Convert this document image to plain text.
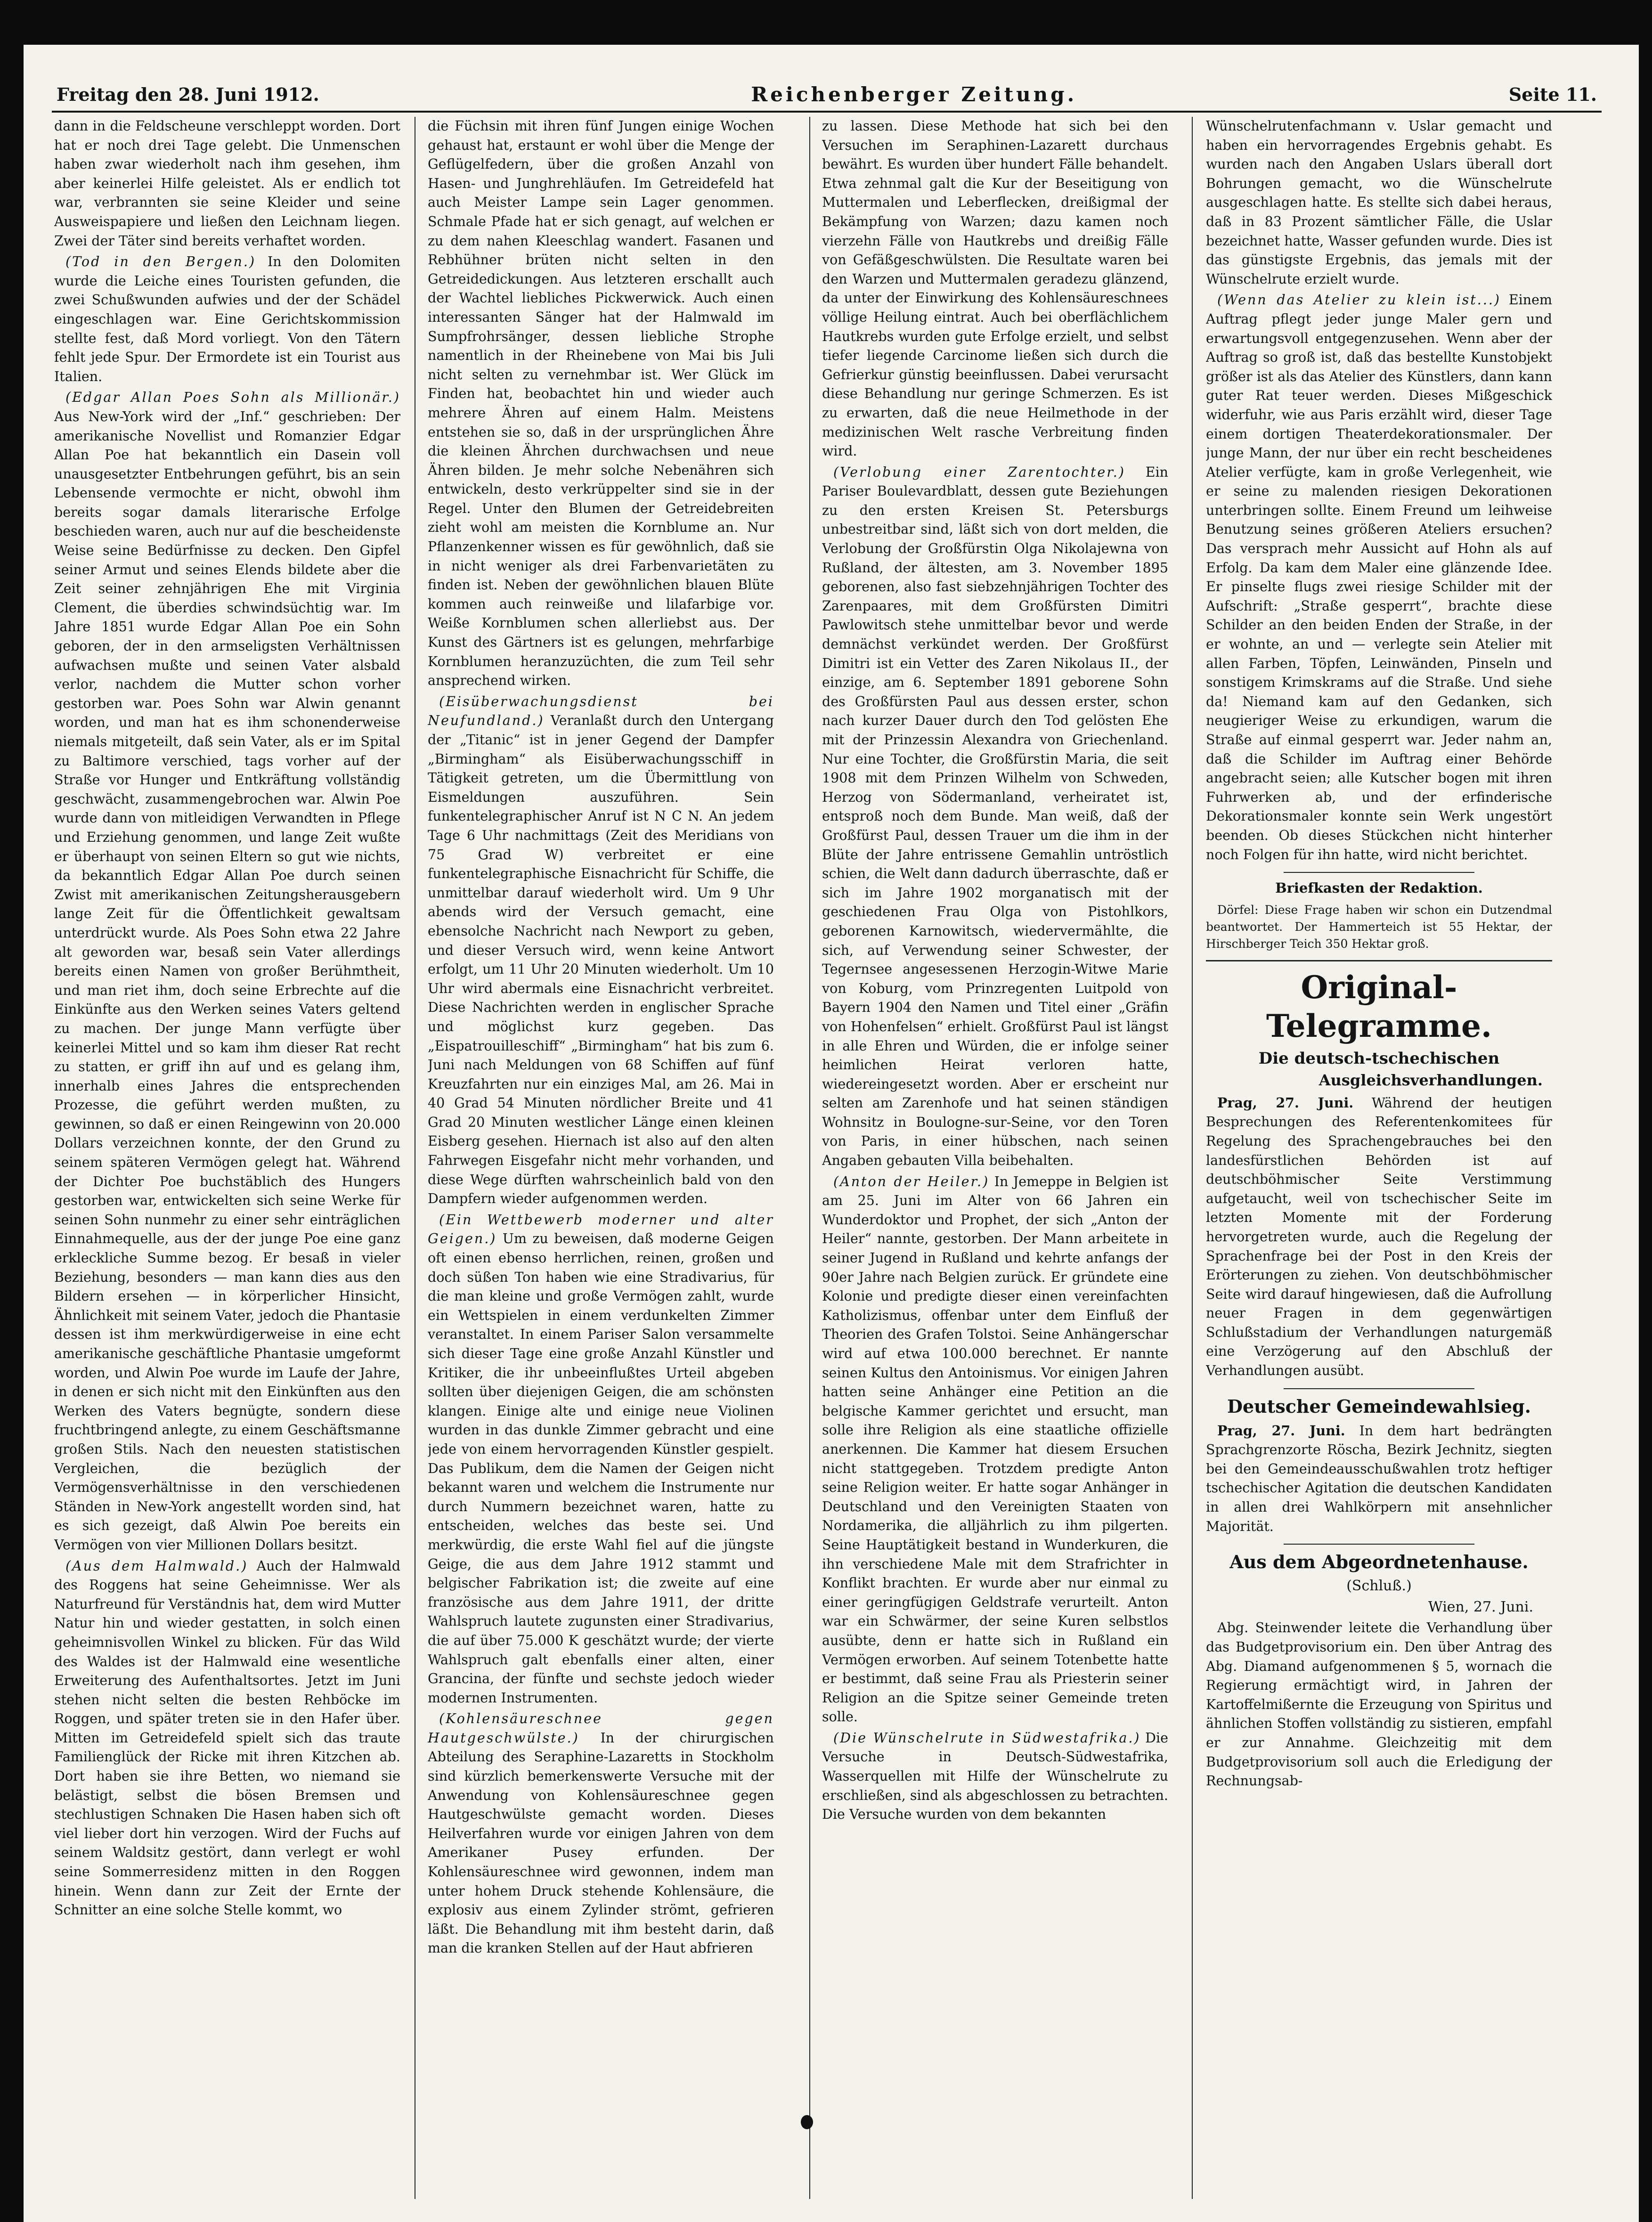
Freitag den 28. Juni 1912.	Reichenberger Zeitung.	Seite 11.

dann in die Feldscheune verschleppt worden. Dort hat er noch drei Tage gelebt. Die Unmenschen haben zwar wiederholt nach ihm gesehen, ihm aber keinerlei Hilfe geleistet. Als er endlich tot war, verbrannten sie seine Kleider und seine Ausweispapiere und ließen den Leichnam liegen. Zwei der Täter sind bereits verhaftet worden.

(Tod in den Bergen.) In den Dolomiten wurde die Leiche eines Touristen gefunden, die zwei Schußwunden aufwies und der der Schädel eingeschlagen war. Eine Gerichtskommission stellte fest, daß Mord vorliegt. Von den Tätern fehlt jede Spur. Der Ermordete ist ein Tourist aus Italien.

(Edgar Allan Poes Sohn als Millionär.) Aus New-York wird der „Inf.“ geschrieben: Der amerikanische Novellist und Romanzier Edgar Allan Poe hat bekanntlich ein Dasein voll unausgesetzter Entbehrungen geführt, bis an sein Lebensende vermochte er nicht, obwohl ihm bereits sogar damals literarische Erfolge beschieden waren, auch nur auf die bescheidenste Weise seine Bedürfnisse zu decken. Den Gipfel seiner Armut und seines Elends bildete aber die Zeit seiner zehnjährigen Ehe mit Virginia Clement, die überdies schwindsüchtig war. Im Jahre 1851 wurde Edgar Allan Poe ein Sohn geboren, der in den armseligsten Verhältnissen aufwachsen mußte und seinen Vater alsbald verlor, nachdem die Mutter schon vorher gestorben war. Poes Sohn war Alwin genannt worden, und man hat es ihm schonenderweise niemals mitgeteilt, daß sein Vater, als er im Spital zu Baltimore verschied, tags vorher auf der Straße vor Hunger und Entkräftung vollständig geschwächt, zusammengebrochen war. Alwin Poe wurde dann von mitleidigen Verwandten in Pflege und Erziehung genommen, und lange Zeit wußte er überhaupt von seinen Eltern so gut wie nichts, da bekanntlich Edgar Allan Poe durch seinen Zwist mit amerikanischen Zeitungsherausgebern lange Zeit für die Öffentlichkeit gewaltsam unterdrückt wurde. Als Poes Sohn etwa 22 Jahre alt geworden war, besaß sein Vater allerdings bereits einen Namen von großer Berühmtheit, und man riet ihm, doch seine Erbrechte auf die Einkünfte aus den Werken seines Vaters geltend zu machen. Der junge Mann verfügte über keinerlei Mittel und so kam ihm dieser Rat recht zu statten, er griff ihn auf und es gelang ihm, innerhalb eines Jahres die entsprechenden Prozesse, die geführt werden mußten, zu gewinnen, so daß er einen Reingewinn von 20.000 Dollars verzeichnen konnte, der den Grund zu seinem späteren Vermögen gelegt hat. Während der Dichter Poe buchstäblich des Hungers gestorben war, entwickelten sich seine Werke für seinen Sohn nunmehr zu einer sehr einträglichen Einnahmequelle, aus der der junge Poe eine ganz erkleckliche Summe bezog. Er besaß in vieler Beziehung, besonders — man kann dies aus den Bildern ersehen — in körperlicher Hinsicht, Ähnlichkeit mit seinem Vater, jedoch die Phantasie dessen ist ihm merkwürdigerweise in eine echt amerikanische geschäftliche Phantasie umgeformt worden, und Alwin Poe wurde im Laufe der Jahre, in denen er sich nicht mit den Einkünften aus den Werken des Vaters begnügte, sondern diese fruchtbringend anlegte, zu einem Geschäftsmanne großen Stils. Nach den neuesten statistischen Vergleichen, die bezüglich der Vermögensverhältnisse in den verschiedenen Ständen in New-York angestellt worden sind, hat es sich gezeigt, daß Alwin Poe bereits ein Vermögen von vier Millionen Dollars besitzt.

(Aus dem Halmwald.) Auch der Halmwald des Roggens hat seine Geheimnisse. Wer als Naturfreund für Verständnis hat, dem wird Mutter Natur hin und wieder gestatten, in solch einen geheimnisvollen Winkel zu blicken. Für das Wild des Waldes ist der Halmwald eine wesentliche Erweiterung des Aufenthaltsortes. Jetzt im Juni stehen nicht selten die besten Rehböcke im Roggen, und später treten sie in den Hafer über. Mitten im Getreidefeld spielt sich das traute Familienglück der Ricke mit ihren Kitzchen ab. Dort haben sie ihre Betten, wo niemand sie belästigt, selbst die bösen Bremsen und stechlustigen Schnaken Die Hasen haben sich oft viel lieber dort hin verzogen. Wird der Fuchs auf seinem Waldsitz gestört, dann verlegt er wohl seine Sommerresidenz mitten in den Roggen hinein. Wenn dann zur Zeit der Ernte der Schnitter an eine solche Stelle kommt, wo

die Füchsin mit ihren fünf Jungen einige Wochen gehaust hat, erstaunt er wohl über die Menge der Geflügelfedern, über die großen Anzahl von Hasen- und Junghrehläufen. Im Getreidefeld hat auch Meister Lampe sein Lager genommen. Schmale Pfade hat er sich genagt, auf welchen er zu dem nahen Kleeschlag wandert. Fasanen und Rebhühner brüten nicht selten in den Getreidedickungen. Aus letzteren erschallt auch der Wachtel liebliches Pickwerwick. Auch einen interessanten Sänger hat der Halmwald im Sumpfrohrsänger, dessen liebliche Strophe namentlich in der Rheinebene von Mai bis Juli nicht selten zu vernehmbar ist. Wer Glück im Finden hat, beobachtet hin und wieder auch mehrere Ähren auf einem Halm. Meistens entstehen sie so, daß in der ursprünglichen Ähre die kleinen Ährchen durchwachsen und neue Ähren bilden. Je mehr solche Nebenähren sich entwickeln, desto verkrüppelter sind sie in der Regel. Unter den Blumen der Getreidebreiten zieht wohl am meisten die Kornblume an. Nur Pflanzenkenner wissen es für gewöhnlich, daß sie in nicht weniger als drei Farbenvarietäten zu finden ist. Neben der gewöhnlichen blauen Blüte kommen auch reinweiße und lilafarbige vor. Weiße Kornblumen schen allerliebst aus. Der Kunst des Gärtners ist es gelungen, mehrfarbige Kornblumen heranzuzüchten, die zum Teil sehr ansprechend wirken.

(Eisüberwachungsdienst bei Neufundland.) Veranlaßt durch den Untergang der „Titanic“ ist in jener Gegend der Dampfer „Birmingham“ als Eisüberwachungsschiff in Tätigkeit getreten, um die Übermittlung von Eismeldungen auszuführen. Sein funkentelegraphischer Anruf ist N C N. An jedem Tage 6 Uhr nachmittags (Zeit des Meridians von 75 Grad W) verbreitet er eine funkentelegraphische Eisnachricht für Schiffe, die unmittelbar darauf wiederholt wird. Um 9 Uhr abends wird der Versuch gemacht, eine ebensolche Nachricht nach Newport zu geben, und dieser Versuch wird, wenn keine Antwort erfolgt, um 11 Uhr 20 Minuten wiederholt. Um 10 Uhr wird abermals eine Eisnachricht verbreitet. Diese Nachrichten werden in englischer Sprache und möglichst kurz gegeben. Das „Eispatrouilleschiff“ „Birmingham“ hat bis zum 6. Juni nach Meldungen von 68 Schiffen auf fünf Kreuzfahrten nur ein einziges Mal, am 26. Mai in 40 Grad 54 Minuten nördlicher Breite und 41 Grad 20 Minuten westlicher Länge einen kleinen Eisberg gesehen. Hiernach ist also auf den alten Fahrwegen Eisgefahr nicht mehr vorhanden, und diese Wege dürften wahrscheinlich bald von den Dampfern wieder aufgenommen werden.

(Ein Wettbewerb moderner und alter Geigen.) Um zu beweisen, daß moderne Geigen oft einen ebenso herrlichen, reinen, großen und doch süßen Ton haben wie eine Stradivarius, für die man kleine und große Vermögen zahlt, wurde ein Wettspielen in einem verdunkelten Zimmer veranstaltet. In einem Pariser Salon versammelte sich dieser Tage eine große Anzahl Künstler und Kritiker, die ihr unbeeinflußtes Urteil abgeben sollten über diejenigen Geigen, die am schönsten klangen. Einige alte und einige neue Violinen wurden in das dunkle Zimmer gebracht und eine jede von einem hervorragenden Künstler gespielt. Das Publikum, dem die Namen der Geigen nicht bekannt waren und welchem die Instrumente nur durch Nummern bezeichnet waren, hatte zu entscheiden, welches das beste sei. Und merkwürdig, die erste Wahl fiel auf die jüngste Geige, die aus dem Jahre 1912 stammt und belgischer Fabrikation ist; die zweite auf eine französische aus dem Jahre 1911, der dritte Wahlspruch lautete zugunsten einer Stradivarius, die auf über 75.000 K geschätzt wurde; der vierte Wahlspruch galt ebenfalls einer alten, einer Grancina, der fünfte und sechste jedoch wieder modernen Instrumenten.

(Kohlensäureschnee gegen Hautgeschwülste.) In der chirurgischen Abteilung des Seraphine-Lazaretts in Stockholm sind kürzlich bemerkenswerte Versuche mit der Anwendung von Kohlensäureschnee gegen Hautgeschwülste gemacht worden. Dieses Heilverfahren wurde vor einigen Jahren von dem Amerikaner Pusey erfunden. Der Kohlensäureschnee wird gewonnen, indem man unter hohem Druck stehende Kohlensäure, die explosiv aus einem Zylinder strömt, gefrieren läßt. Die Behandlung mit ihm besteht darin, daß man die kranken Stellen auf der Haut abfrieren

zu lassen. Diese Methode hat sich bei den Versuchen im Seraphinen-Lazarett durchaus bewährt. Es wurden über hundert Fälle behandelt. Etwa zehnmal galt die Kur der Beseitigung von Muttermalen und Leberflecken, dreißigmal der Bekämpfung von Warzen; dazu kamen noch vierzehn Fälle von Hautkrebs und dreißig Fälle von Gefäßgeschwülsten. Die Resultate waren bei den Warzen und Muttermalen geradezu glänzend, da unter der Einwirkung des Kohlensäureschnees völlige Heilung eintrat. Auch bei oberflächlichem Hautkrebs wurden gute Erfolge erzielt, und selbst tiefer liegende Carcinome ließen sich durch die Gefrierkur günstig beeinflussen. Dabei verursacht diese Behandlung nur geringe Schmerzen. Es ist zu erwarten, daß die neue Heilmethode in der medizinischen Welt rasche Verbreitung finden wird.

(Verlobung einer Zarentochter.) Ein Pariser Boulevardblatt, dessen gute Beziehungen zu den ersten Kreisen St. Petersburgs unbestreitbar sind, läßt sich von dort melden, die Verlobung der Großfürstin Olga Nikolajewna von Rußland, der ältesten, am 3. November 1895 geborenen, also fast siebzehnjährigen Tochter des Zarenpaares, mit dem Großfürsten Dimitri Pawlowitsch stehe unmittelbar bevor und werde demnächst verkündet werden. Der Großfürst Dimitri ist ein Vetter des Zaren Nikolaus II., der einzige, am 6. September 1891 geborene Sohn des Großfürsten Paul aus dessen erster, schon nach kurzer Dauer durch den Tod gelösten Ehe mit der Prinzessin Alexandra von Griechenland. Nur eine Tochter, die Großfürstin Maria, die seit 1908 mit dem Prinzen Wilhelm von Schweden, Herzog von Södermanland, verheiratet ist, entsproß noch dem Bunde. Man weiß, daß der Großfürst Paul, dessen Trauer um die ihm in der Blüte der Jahre entrissene Gemahlin untröstlich schien, die Welt dann dadurch überraschte, daß er sich im Jahre 1902 morganatisch mit der geschiedenen Frau Olga von Pistohlkors, geborenen Karnowitsch, wiedervermählte, die sich, auf Verwendung seiner Schwester, der Tegernsee angesessenen Herzogin-Witwe Marie von Koburg, vom Prinzregenten Luitpold von Bayern 1904 den Namen und Titel einer „Gräfin von Hohenfelsen“ erhielt. Großfürst Paul ist längst in alle Ehren und Würden, die er infolge seiner heimlichen Heirat verloren hatte, wiedereingesetzt worden. Aber er erscheint nur selten am Zarenhofe und hat seinen ständigen Wohnsitz in Boulogne-sur-Seine, vor den Toren von Paris, in einer hübschen, nach seinen Angaben gebauten Villa beibehalten.

(Anton der Heiler.) In Jemeppe in Belgien ist am 25. Juni im Alter von 66 Jahren ein Wunderdoktor und Prophet, der sich „Anton der Heiler“ nannte, gestorben. Der Mann arbeitete in seiner Jugend in Rußland und kehrte anfangs der 90er Jahre nach Belgien zurück. Er gründete eine Kolonie und predigte dieser einen vereinfachten Katholizismus, offenbar unter dem Einfluß der Theorien des Grafen Tolstoi. Seine Anhängerschar wird auf etwa 100.000 berechnet. Er nannte seinen Kultus den Antoinismus. Vor einigen Jahren hatten seine Anhänger eine Petition an die belgische Kammer gerichtet und ersucht, man solle ihre Religion als eine staatliche offizielle anerkennen. Die Kammer hat diesem Ersuchen nicht stattgegeben. Trotzdem predigte Anton seine Religion weiter. Er hatte sogar Anhänger in Deutschland und den Vereinigten Staaten von Nordamerika, die alljährlich zu ihm pilgerten. Seine Hauptätigkeit bestand in Wunderkuren, die ihn verschiedene Male mit dem Strafrichter in Konflikt brachten. Er wurde aber nur einmal zu einer geringfügigen Geldstrafe verurteilt. Anton war ein Schwärmer, der seine Kuren selbstlos ausübte, denn er hatte sich in Rußland ein Vermögen erworben. Auf seinem Totenbette hatte er bestimmt, daß seine Frau als Priesterin seiner Religion an die Spitze seiner Gemeinde treten solle.

(Die Wünschelrute in Südwestafrika.) Die Versuche in Deutsch-Südwestafrika, Wasserquellen mit Hilfe der Wünschelrute zu erschließen, sind als abgeschlossen zu betrachten. Die Versuche wurden von dem bekannten

Wünschelrutenfachmann v. Uslar gemacht und haben ein hervorragendes Ergebnis gehabt. Es wurden nach den Angaben Uslars überall dort Bohrungen gemacht, wo die Wünschelrute ausgeschlagen hatte. Es stellte sich dabei heraus, daß in 83 Prozent sämtlicher Fälle, die Uslar bezeichnet hatte, Wasser gefunden wurde. Dies ist das günstigste Ergebnis, das jemals mit der Wünschelrute erzielt wurde.

(Wenn das Atelier zu klein ist...) Einem Auftrag pflegt jeder junge Maler gern und erwartungsvoll entgegenzusehen. Wenn aber der Auftrag so groß ist, daß das bestellte Kunstobjekt größer ist als das Atelier des Künstlers, dann kann guter Rat teuer werden. Dieses Mißgeschick widerfuhr, wie aus Paris erzählt wird, dieser Tage einem dortigen Theaterdekorationsmaler. Der junge Mann, der nur über ein recht bescheidenes Atelier verfügte, kam in große Verlegenheit, wie er seine zu malenden riesigen Dekorationen unterbringen sollte. Einem Freund um leihweise Benutzung seines größeren Ateliers ersuchen? Das versprach mehr Aussicht auf Hohn als auf Erfolg. Da kam dem Maler eine glänzende Idee. Er pinselte flugs zwei riesige Schilder mit der Aufschrift: „Straße gesperrt“, brachte diese Schilder an den beiden Enden der Straße, in der er wohnte, an und — verlegte sein Atelier mit allen Farben, Töpfen, Leinwänden, Pinseln und sonstigem Krimskrams auf die Straße. Und siehe da! Niemand kam auf den Gedanken, sich neugieriger Weise zu erkundigen, warum die Straße auf einmal gesperrt war. Jeder nahm an, daß die Schilder im Auftrag einer Behörde angebracht seien; alle Kutscher bogen mit ihren Fuhrwerken ab, und der erfinderische Dekorationsmaler konnte sein Werk ungestört beenden. Ob dieses Stückchen nicht hinterher noch Folgen für ihn hatte, wird nicht berichtet.

Briefkasten der Redaktion.

Dörfel: Diese Frage haben wir schon ein Dutzendmal beantwortet. Der Hammerteich ist 55 Hektar, der Hirschberger Teich 350 Hektar groß.

Original-Telegramme.
Die deutsch-tschechischen
Ausgleichsverhandlungen.

Prag, 27. Juni. Während der heutigen Besprechungen des Referentenkomitees für Regelung des Sprachengebrauches bei den landesfürstlichen Behörden ist auf deutschböhmischer Seite Verstimmung aufgetaucht, weil von tschechischer Seite im letzten Momente mit der Forderung hervorgetreten wurde, auch die Regelung der Sprachenfrage bei der Post in den Kreis der Erörterungen zu ziehen. Von deutschböhmischer Seite wird darauf hingewiesen, daß die Aufrollung neuer Fragen in dem gegenwärtigen Schlußstadium der Verhandlungen naturgemäß eine Verzögerung auf den Abschluß der Verhandlungen ausübt.

Deutscher Gemeindewahlsieg.

Prag, 27. Juni. In dem hart bedrängten Sprachgrenzorte Röscha, Bezirk Jechnitz, siegten bei den Gemeindeausschußwahlen trotz heftiger tschechischer Agitation die deutschen Kandidaten in allen drei Wahlkörpern mit ansehnlicher Majorität.

Aus dem Abgeordnetenhause.
(Schluß.)
Wien, 27. Juni.

Abg. Steinwender leitete die Verhandlung über das Budgetprovisorium ein. Den über Antrag des Abg. Diamand aufgenommenen § 5, wornach die Regierung ermächtigt wird, in Jahren der Kartoffelmißernte die Erzeugung von Spiritus und ähnlichen Stoffen vollständig zu sistieren, empfahl er zur Annahme. Gleichzeitig mit dem Budgetprovisorium soll auch die Erledigung der Rechnungsab-
